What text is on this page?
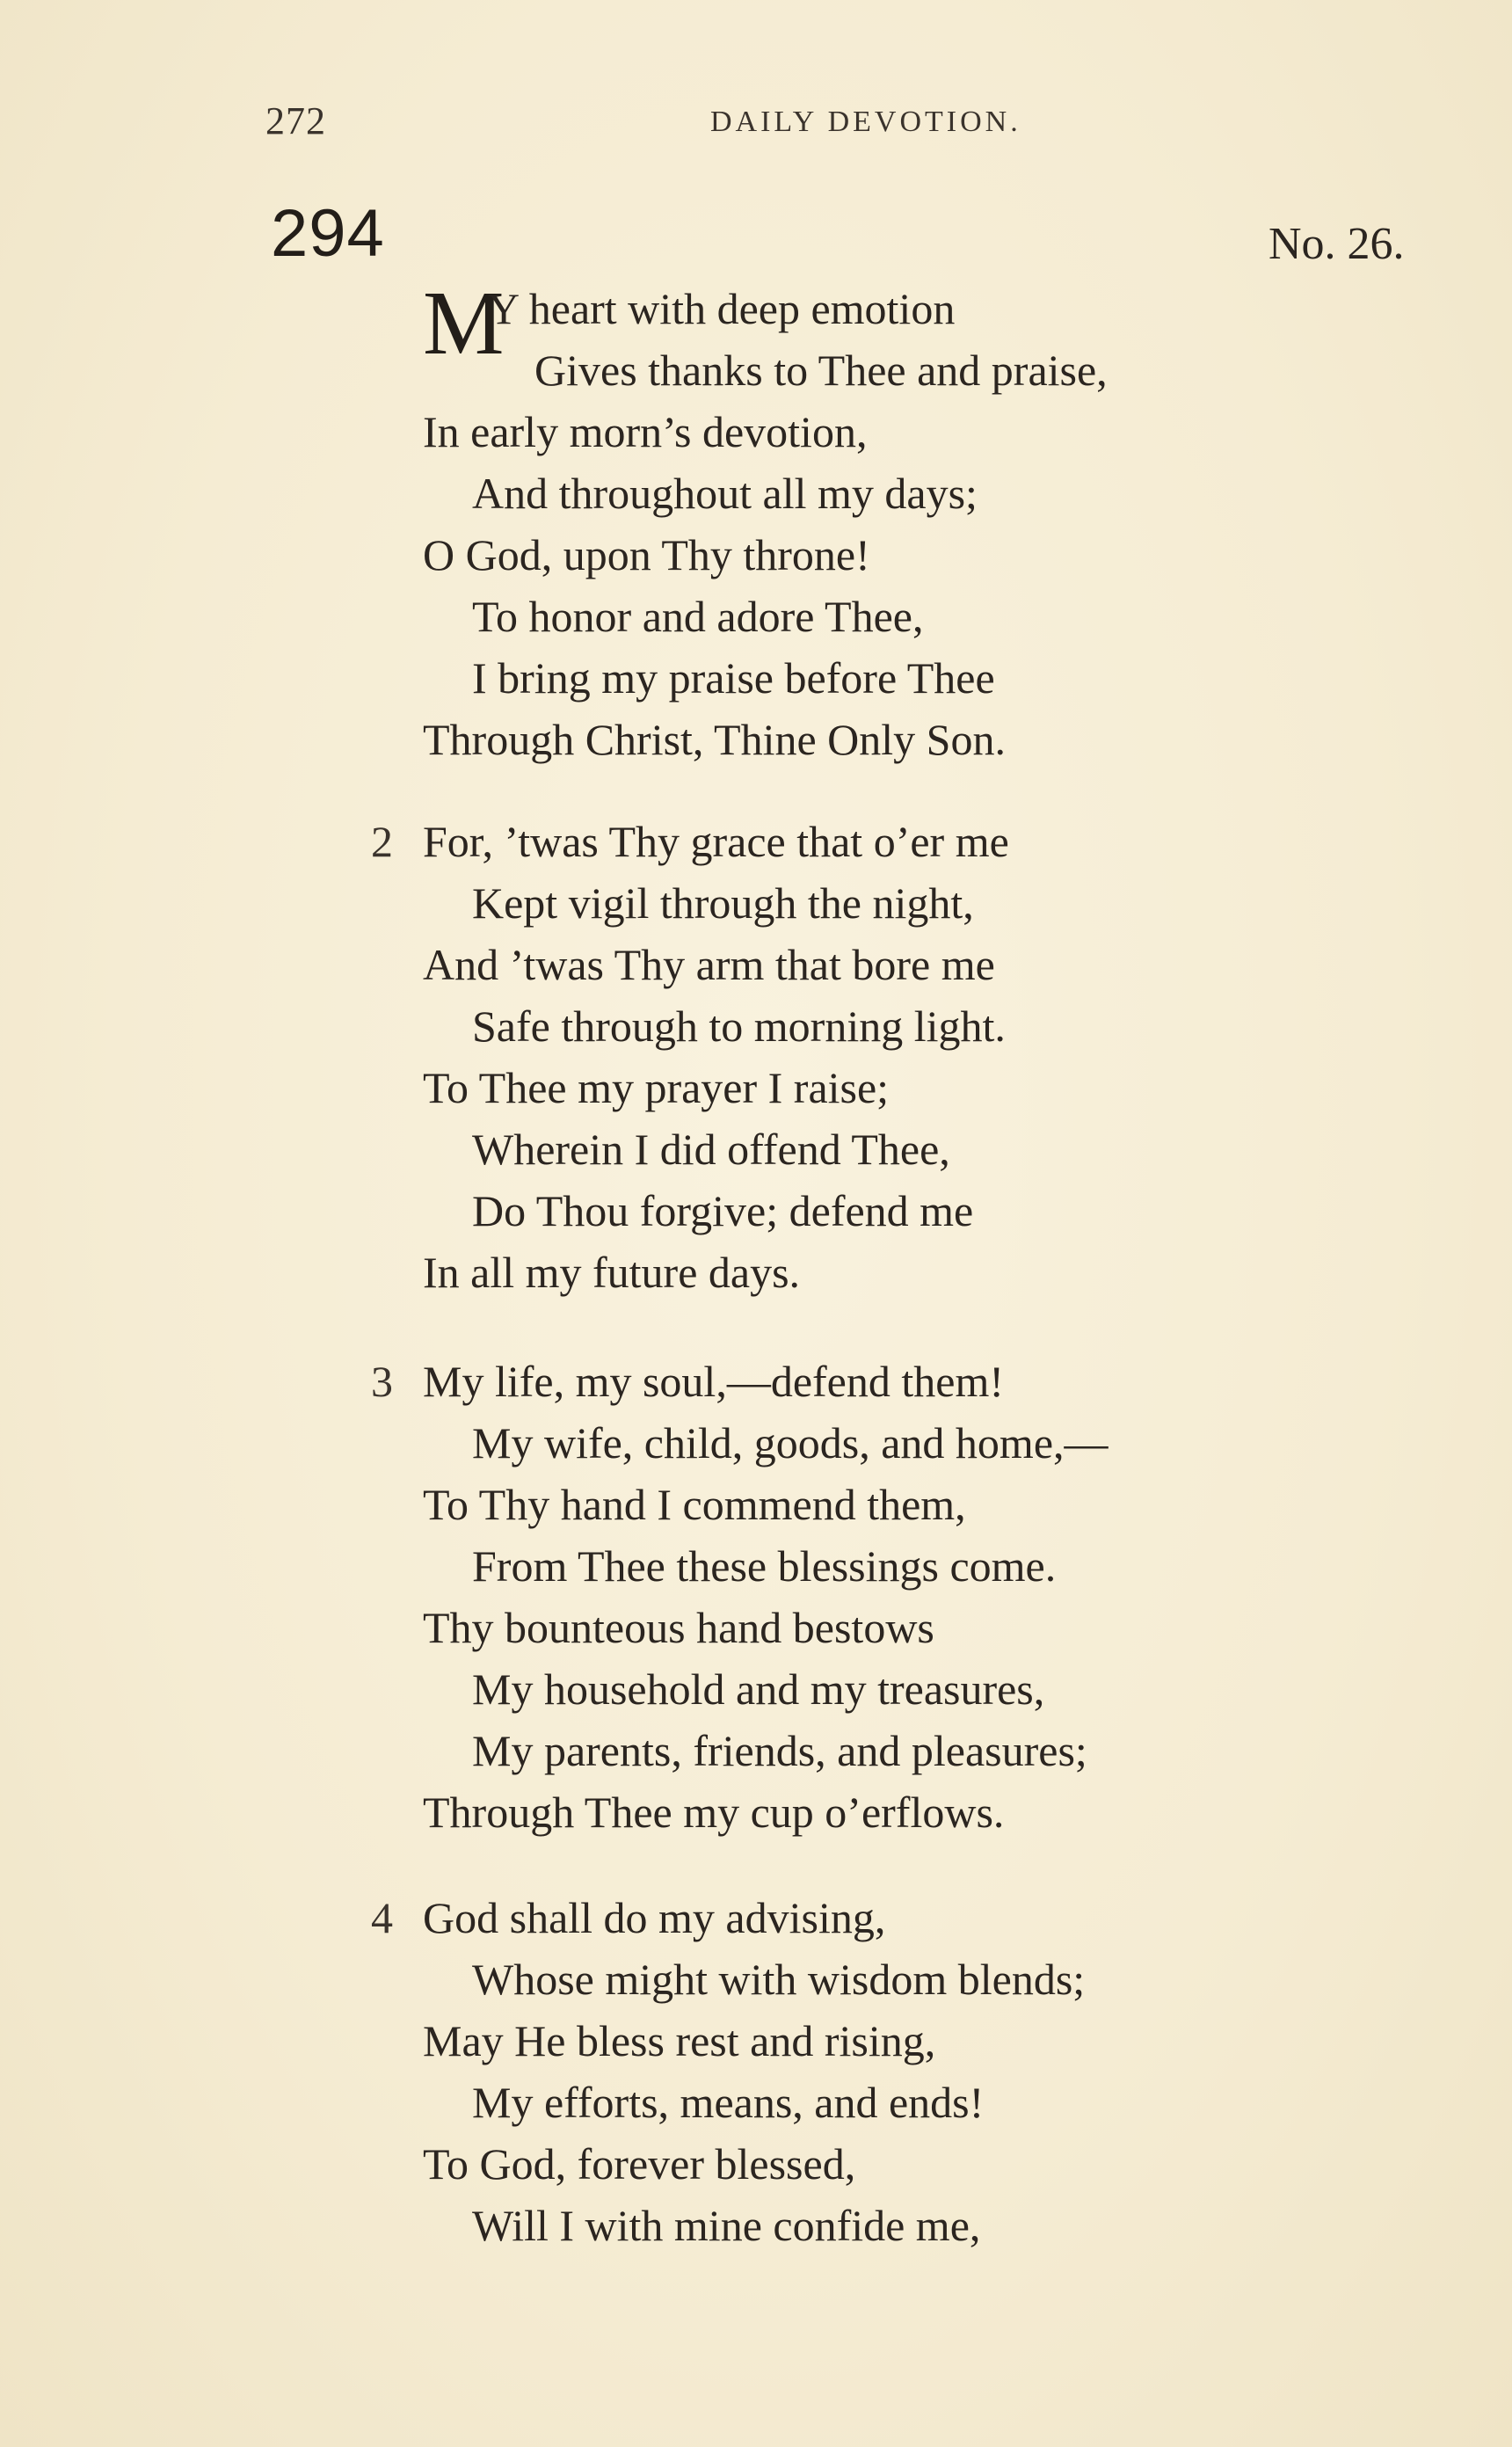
272	DAILY DEVOTION.
294	No. 26.
M
Y heart with deep emotion
Gives thanks to Thee and praise,
In early morn’s devotion,
And throughout all my days;
O God, upon Thy throne!
To honor and adore Thee,
I bring my praise before Thee
Through Christ, Thine Only Son.
2 For, ’twas Thy grace that o’er me
Kept vigil through the night,
And ’twas Thy arm that bore me
Safe through to morning light.
To Thee my prayer I raise;
Wherein I did offend Thee,
Do Thou forgive; defend me
In all my future days.
3 My life, my soul,—defend them!
My wife, child, goods, and home,—
To Thy hand I commend them,
From Thee these blessings come.
Thy bounteous hand bestows
My household and my treasures,
My parents, friends, and pleasures;
Through Thee my cup o’erflows.
4 God shall do my advising,
Whose might with wisdom blends;
May He bless rest and rising,
My efforts, means, and ends!
To God, forever blessed,
Will I with mine confide me,
